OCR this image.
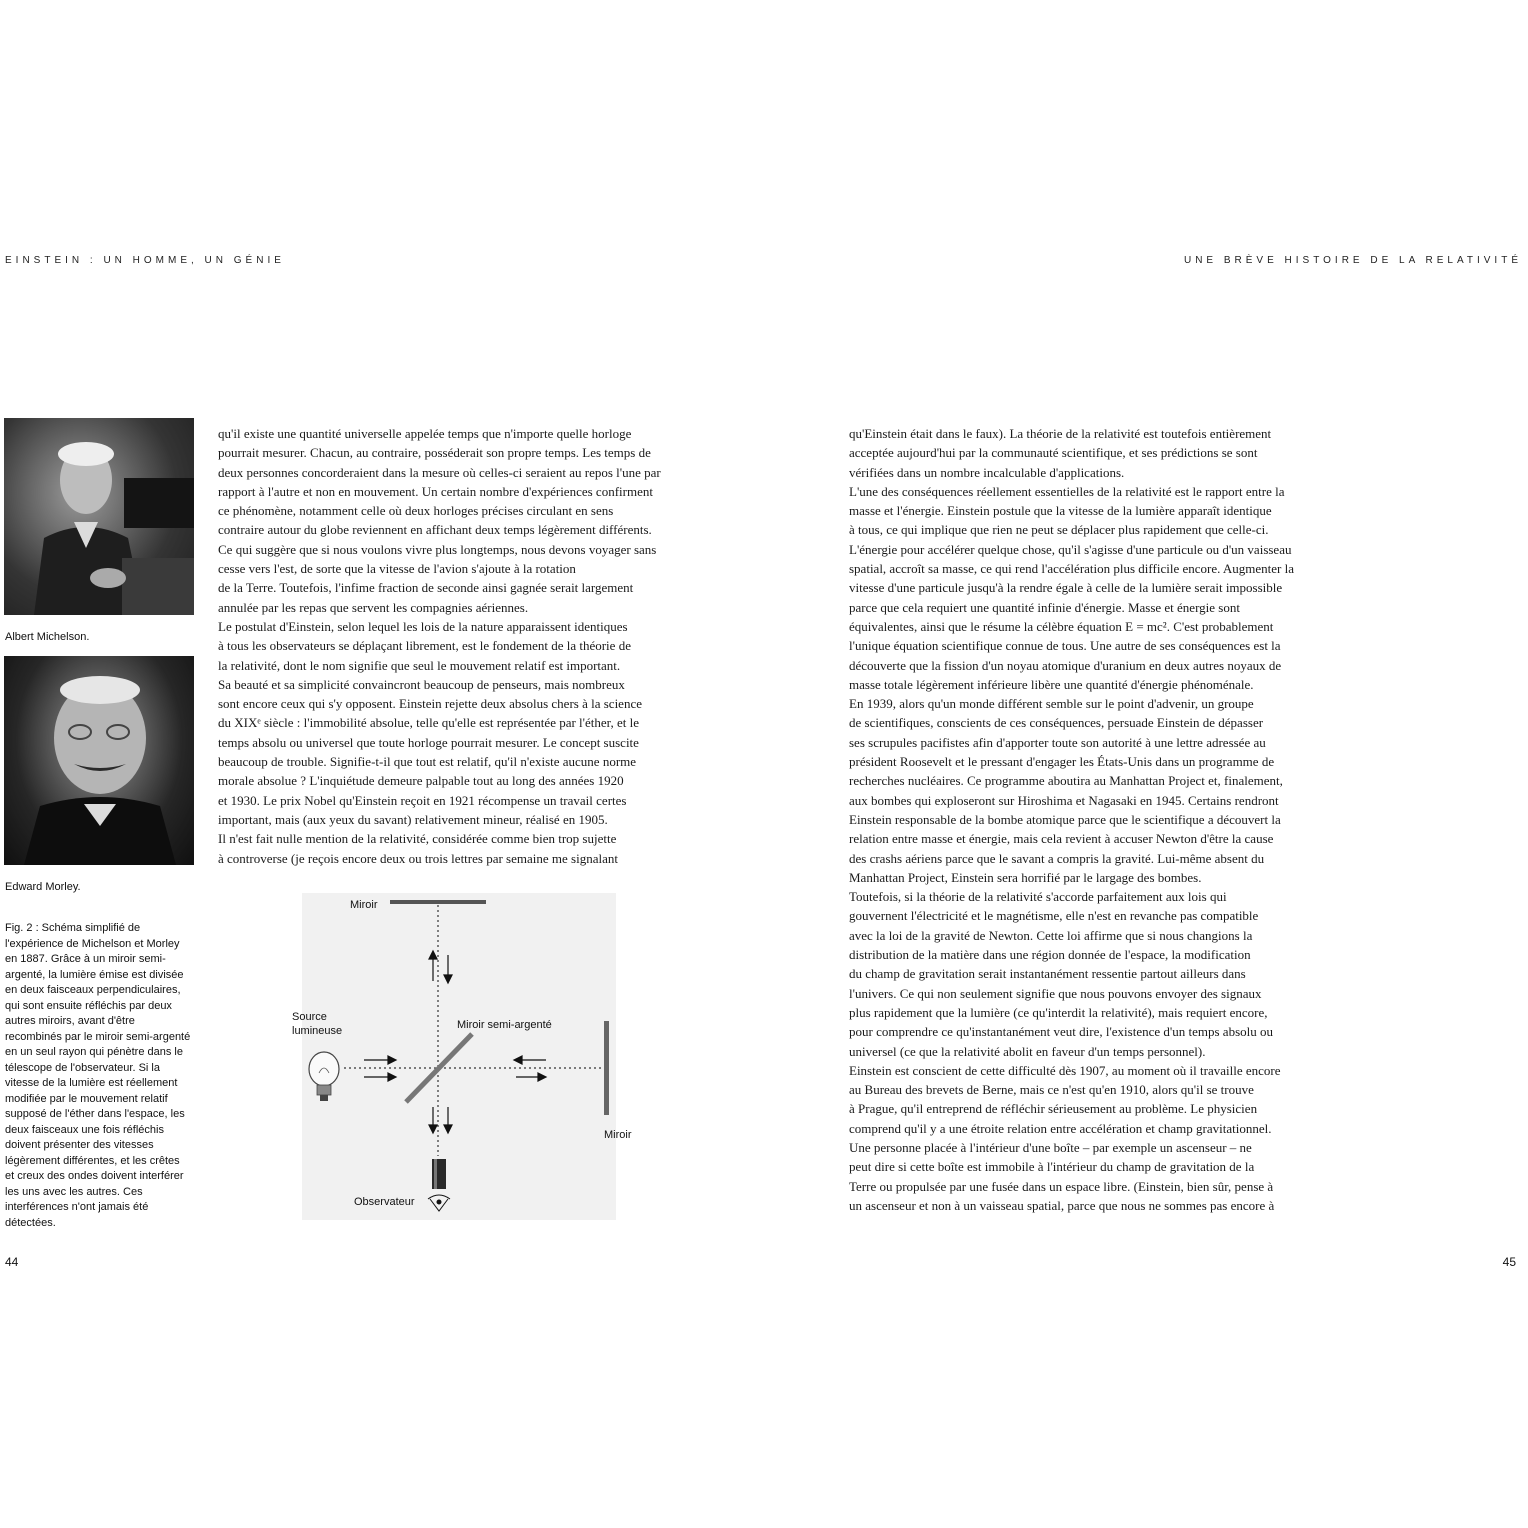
EINSTEIN : UN HOMME, UN GÉNIE	UNE BRÈVE HISTOIRE DE LA RELATIVITÉ
Albert Michelson.
Edward Morley.
Fig. 2 : Schéma simplifié de l'expérience de Michelson et Morley en 1887. Grâce à un miroir semi-argenté, la lumière émise est divisée en deux faisceaux perpendiculaires, qui sont ensuite réfléchis par deux autres miroirs, avant d'être recombinés par le miroir semi-argenté en un seul rayon qui pénètre dans le télescope de l'observateur. Si la vitesse de la lumière est réellement modifiée par le mouvement relatif supposé de l'éther dans l'espace, les deux faisceaux une fois réfléchis doivent présenter des vitesses légèrement différentes, et les crêtes et creux des ondes doivent interférer les uns avec les autres. Ces interférences n'ont jamais été détectées.
qu'il existe une quantité universelle appelée temps que n'importe quelle horloge
pourrait mesurer. Chacun, au contraire, posséderait son propre temps. Les temps de
deux personnes concorderaient dans la mesure où celles-ci seraient au repos l'une par
rapport à l'autre et non en mouvement. Un certain nombre d'expériences confirment
ce phénomène, notamment celle où deux horloges précises circulant en sens
contraire autour du globe reviennent en affichant deux temps légèrement différents.
Ce qui suggère que si nous voulons vivre plus longtemps, nous devons voyager sans
cesse vers l'est, de sorte que la vitesse de l'avion s'ajoute à la rotation
de la Terre. Toutefois, l'infime fraction de seconde ainsi gagnée serait largement
annulée par les repas que servent les compagnies aériennes.
Le postulat d'Einstein, selon lequel les lois de la nature apparaissent identiques
à tous les observateurs se déplaçant librement, est le fondement de la théorie de
la relativité, dont le nom signifie que seul le mouvement relatif est important.
Sa beauté et sa simplicité convaincront beaucoup de penseurs, mais nombreux
sont encore ceux qui s'y opposent. Einstein rejette deux absolus chers à la science
du XIXᵉ siècle : l'immobilité absolue, telle qu'elle est représentée par l'éther, et le
temps absolu ou universel que toute horloge pourrait mesurer. Le concept suscite
beaucoup de trouble. Signifie-t-il que tout est relatif, qu'il n'existe aucune norme
morale absolue ? L'inquiétude demeure palpable tout au long des années 1920
et 1930. Le prix Nobel qu'Einstein reçoit en 1921 récompense un travail certes
important, mais (aux yeux du savant) relativement mineur, réalisé en 1905.
Il n'est fait nulle mention de la relativité, considérée comme bien trop sujette
à controverse (je reçois encore deux ou trois lettres par semaine me signalant
qu'Einstein était dans le faux). La théorie de la relativité est toutefois entièrement
acceptée aujourd'hui par la communauté scientifique, et ses prédictions se sont
vérifiées dans un nombre incalculable d'applications.
L'une des conséquences réellement essentielles de la relativité est le rapport entre la
masse et l'énergie. Einstein postule que la vitesse de la lumière apparaît identique
à tous, ce qui implique que rien ne peut se déplacer plus rapidement que celle-ci.
L'énergie pour accélérer quelque chose, qu'il s'agisse d'une particule ou d'un vaisseau
spatial, accroît sa masse, ce qui rend l'accélération plus difficile encore. Augmenter la
vitesse d'une particule jusqu'à la rendre égale à celle de la lumière serait impossible
parce que cela requiert une quantité infinie d'énergie. Masse et énergie sont
équivalentes, ainsi que le résume la célèbre équation E = mc². C'est probablement
l'unique équation scientifique connue de tous. Une autre de ses conséquences est la
découverte que la fission d'un noyau atomique d'uranium en deux autres noyaux de
masse totale légèrement inférieure libère une quantité d'énergie phénoménale.
En 1939, alors qu'un monde différent semble sur le point d'advenir, un groupe
de scientifiques, conscients de ces conséquences, persuade Einstein de dépasser
ses scrupules pacifistes afin d'apporter toute son autorité à une lettre adressée au
président Roosevelt et le pressant d'engager les États-Unis dans un programme de
recherches nucléaires. Ce programme aboutira au Manhattan Project et, finalement,
aux bombes qui exploseront sur Hiroshima et Nagasaki en 1945. Certains rendront
Einstein responsable de la bombe atomique parce que le scientifique a découvert la
relation entre masse et énergie, mais cela revient à accuser Newton d'être la cause
des crashs aériens parce que le savant a compris la gravité. Lui-même absent du
Manhattan Project, Einstein sera horrifié par le largage des bombes.
Toutefois, si la théorie de la relativité s'accorde parfaitement aux lois qui
gouvernent l'électricité et le magnétisme, elle n'est en revanche pas compatible
avec la loi de la gravité de Newton. Cette loi affirme que si nous changions la
distribution de la matière dans une région donnée de l'espace, la modification
du champ de gravitation serait instantanément ressentie partout ailleurs dans
l'univers. Ce qui non seulement signifie que nous pouvons envoyer des signaux
plus rapidement que la lumière (ce qu'interdit la relativité), mais requiert encore,
pour comprendre ce qu'instantanément veut dire, l'existence d'un temps absolu ou
universel (ce que la relativité abolit en faveur d'un temps personnel).
Einstein est conscient de cette difficulté dès 1907, au moment où il travaille encore
au Bureau des brevets de Berne, mais ce n'est qu'en 1910, alors qu'il se trouve
à Prague, qu'il entreprend de réfléchir sérieusement au problème. Le physicien
comprend qu'il y a une étroite relation entre accélération et champ gravitationnel.
Une personne placée à l'intérieur d'une boîte – par exemple un ascenseur – ne
peut dire si cette boîte est immobile à l'intérieur du champ de gravitation de la
Terre ou propulsée par une fusée dans un espace libre. (Einstein, bien sûr, pense à
un ascenseur et non à un vaisseau spatial, parce que nous ne sommes pas encore à
Miroir
Source lumineuse	Miroir semi-argenté
Miroir
Observateur
44	45
